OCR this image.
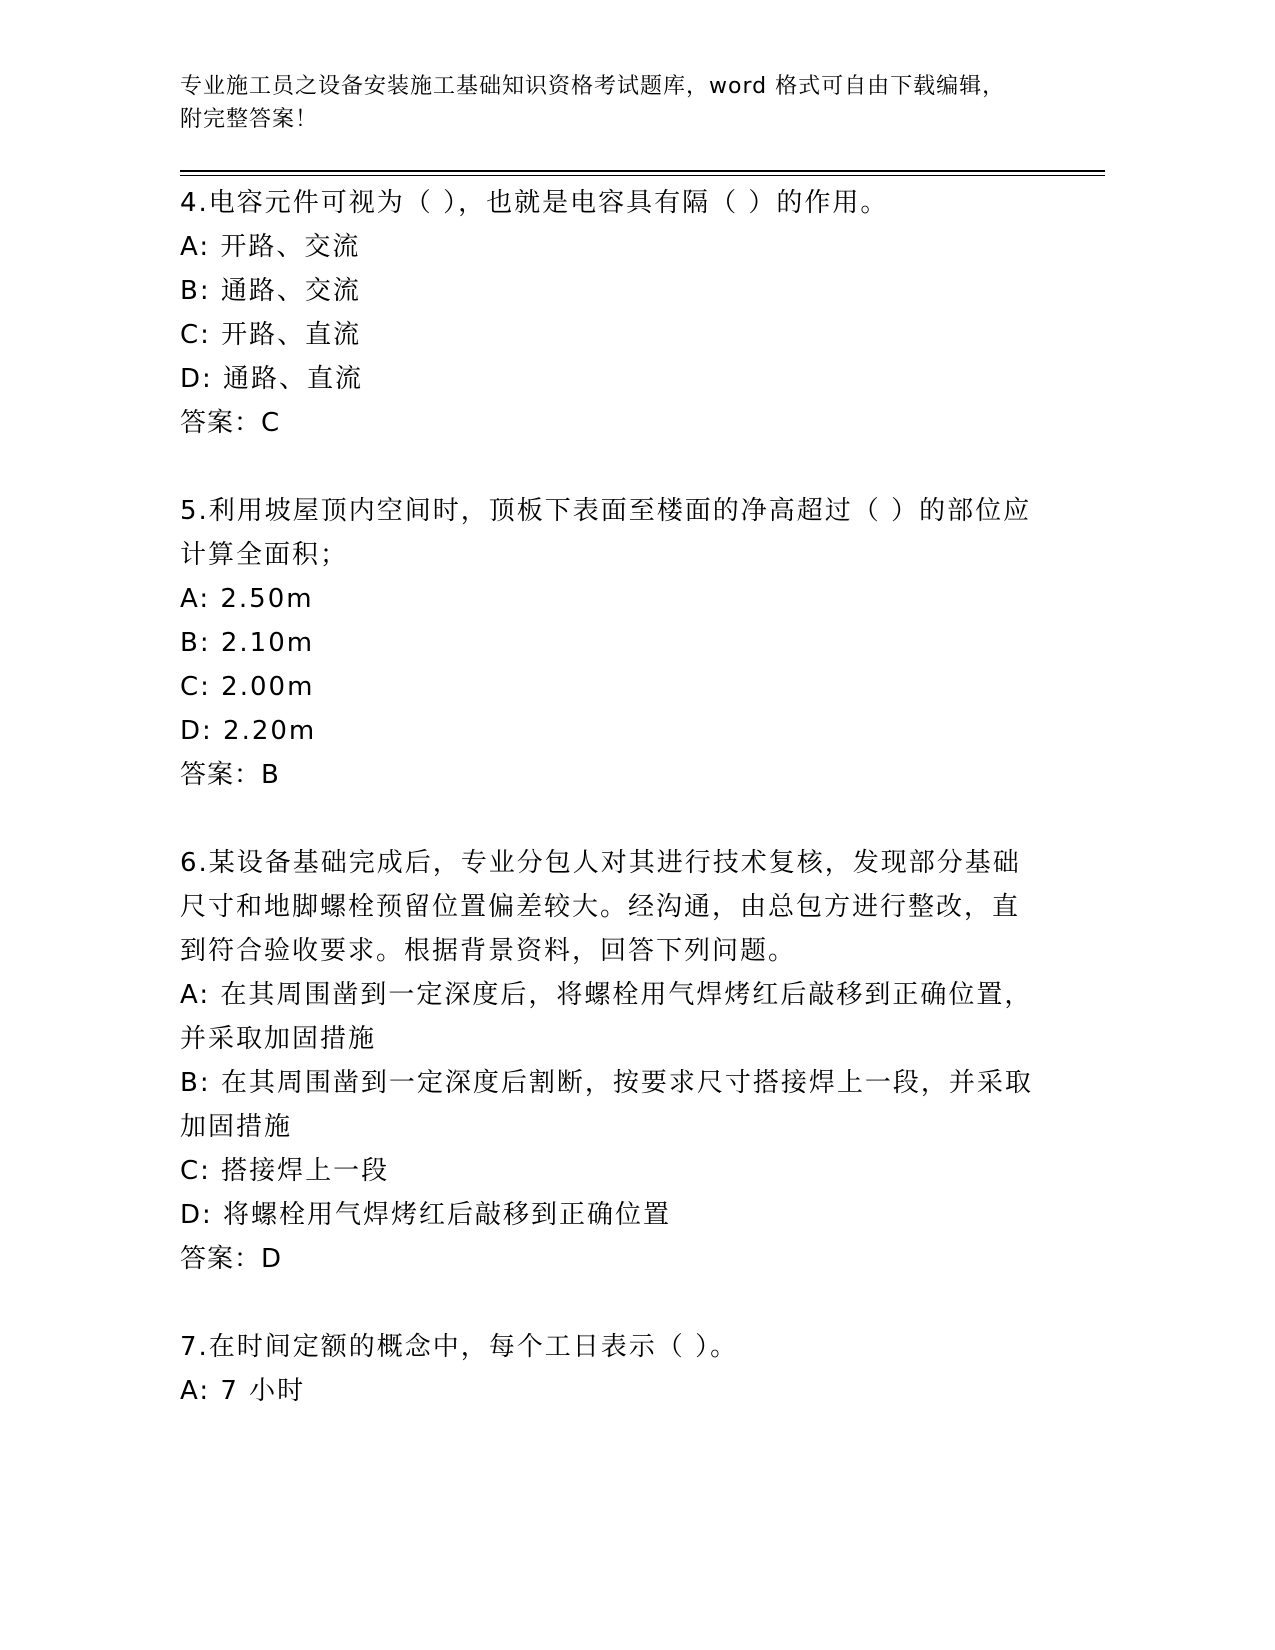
专业施工员之设备安装施工基础知识资格考试题库，word 格式可自由下载编辑，
附完整答案！

4.电容元件可视为（ ），也就是电容具有隔（ ）的作用。

A: 开路、交流

B: 通路、交流

C: 开路、直流

D: 通路、直流

答案：C

5.利用坡屋顶内空间时，顶板下表面至楼面的净高超过（ ）的部位应计算全面积；

A: 2.50m

B: 2.10m

C: 2.00m

D: 2.20m

答案：B

6.某设备基础完成后，专业分包人对其进行技术复核，发现部分基础尺寸和地脚螺栓预留位置偏差较大。经沟通，由总包方进行整改，直到符合验收要求。根据背景资料，回答下列问题。

A: 在其周围凿到一定深度后，将螺栓用气焊烤红后敲移到正确位置，并采取加固措施

B: 在其周围凿到一定深度后割断，按要求尺寸搭接焊上一段，并采取加固措施

C: 搭接焊上一段

D: 将螺栓用气焊烤红后敲移到正确位置

答案：D

7.在时间定额的概念中，每个工日表示（ ）。

A: 7 小时
